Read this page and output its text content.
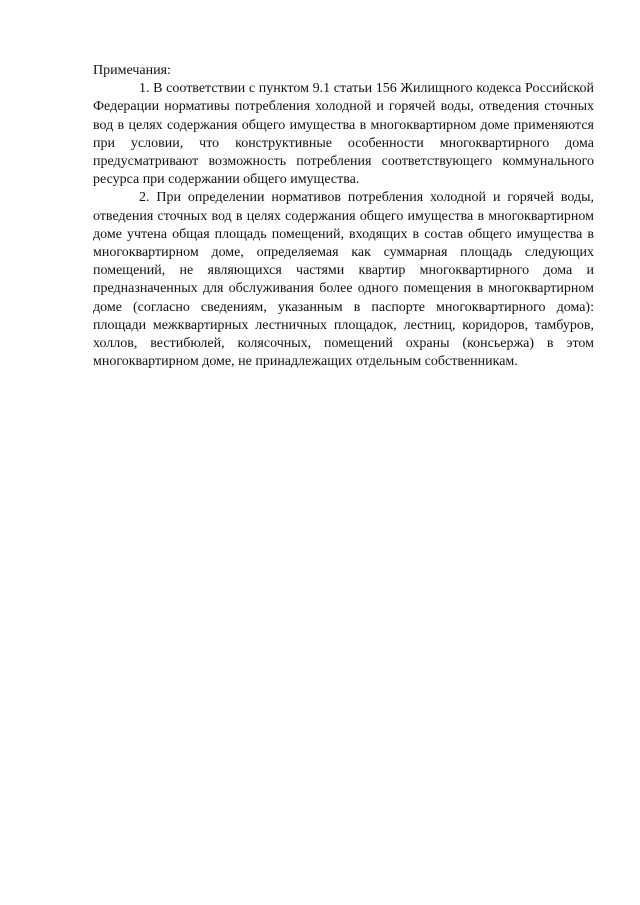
Примечания:

1. В соответствии с пунктом 9.1 статьи 156 Жилищного кодекса Российской Федерации нормативы потребления холодной и горячей воды, отведения сточных вод в целях содержания общего имущества в многоквартирном доме применяются при условии, что конструктивные особенности многоквартирного дома предусматривают возможность потребления соответствующего коммунального ресурса при содержании общего имущества.

2. При определении нормативов потребления холодной и горячей воды, отведения сточных вод в целях содержания общего имущества в многоквартирном доме учтена общая площадь помещений, входящих в состав общего имущества в многоквартирном доме, определяемая как суммарная площадь следующих помещений, не являющихся частями квартир многоквартирного дома и предназначенных для обслуживания более одного помещения в многоквартирном доме (согласно сведениям, указанным в паспорте многоквартирного дома): площади межквартирных лестничных площадок, лестниц, коридоров, тамбуров, холлов, вестибюлей, колясочных, помещений охраны (консьержа) в этом многоквартирном доме, не принадлежащих отдельным собственникам.
